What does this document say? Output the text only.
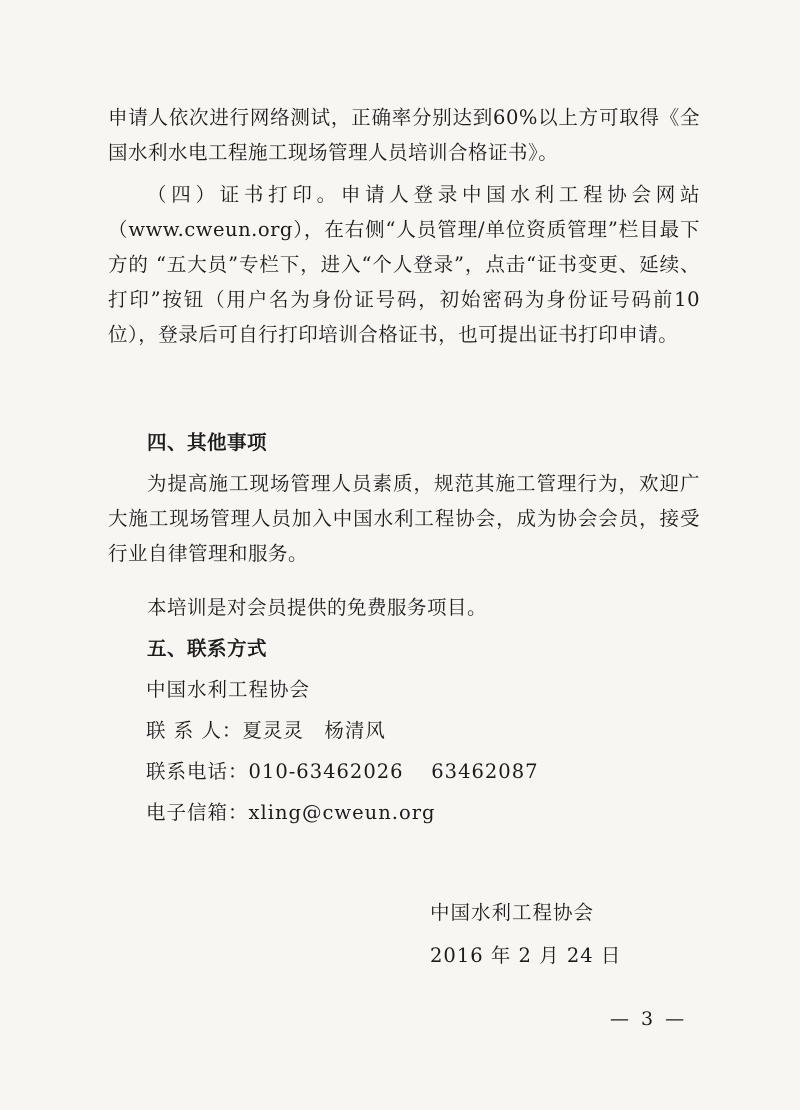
申请人依次进行网络测试，正确率分别达到60%以上方可取得《全国水利水电工程施工现场管理人员培训合格证书》。

（四）证书打印。申请人登录中国水利工程协会网站（www.cweun.org），在右侧“人员管理/单位资质管理”栏目最下方的 “五大员”专栏下，进入“个人登录”，点击“证书变更、延续、打印”按钮（用户名为身份证号码，初始密码为身份证号码前10位），登录后可自行打印培训合格证书，也可提出证书打印申请。

四、其他事项

为提高施工现场管理人员素质，规范其施工管理行为，欢迎广大施工现场管理人员加入中国水利工程协会，成为协会会员，接受行业自律管理和服务。

本培训是对会员提供的免费服务项目。

五、联系方式

中国水利工程协会
联 系 人：夏灵灵　杨清风
联系电话：010-63462026　 63462087
电子信箱：xling@cweun.org
中国水利工程协会
2016 年 2 月 24 日
— 3 —
